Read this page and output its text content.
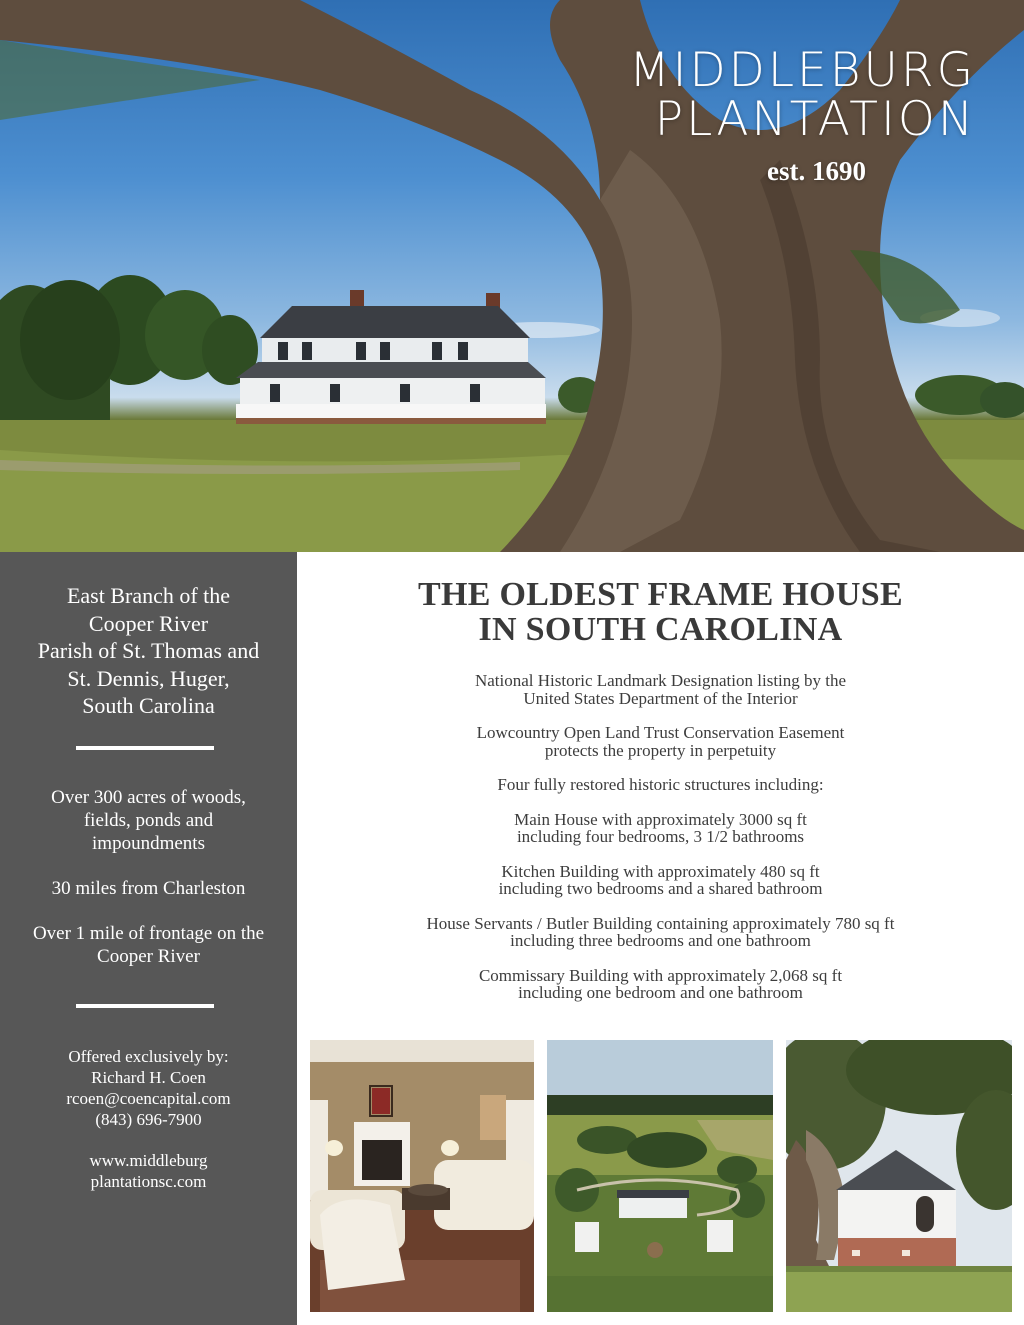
MIDDLEBURG
PLANTATION
est. 1690
East Branch of the
Cooper River
Parish of St. Thomas and
St. Dennis, Huger,
South Carolina

Over 300 acres of woods, fields, ponds and impoundments

30 miles from Charleston

Over 1 mile of frontage on the Cooper River

Offered exclusively by:
Richard H. Coen
rcoen@coencapital.com
(843) 696-7900
www.middleburg
plantationsc.com
THE OLDEST FRAME HOUSE
IN SOUTH CAROLINA
National Historic Landmark Designation listing by the
United States Department of the Interior
Lowcountry Open Land Trust Conservation Easement
protects the property in perpetuity
Four fully restored historic structures including:
Main House with approximately 3000 sq ft
including four bedrooms, 3 1/2 bathrooms
Kitchen Building with approximately 480 sq ft
including two bedrooms and a shared bathroom
House Servants / Butler Building containing approximately 780 sq ft
including three bedrooms and one bathroom
Commissary Building with approximately 2,068 sq ft
including one bedroom and one bathroom
